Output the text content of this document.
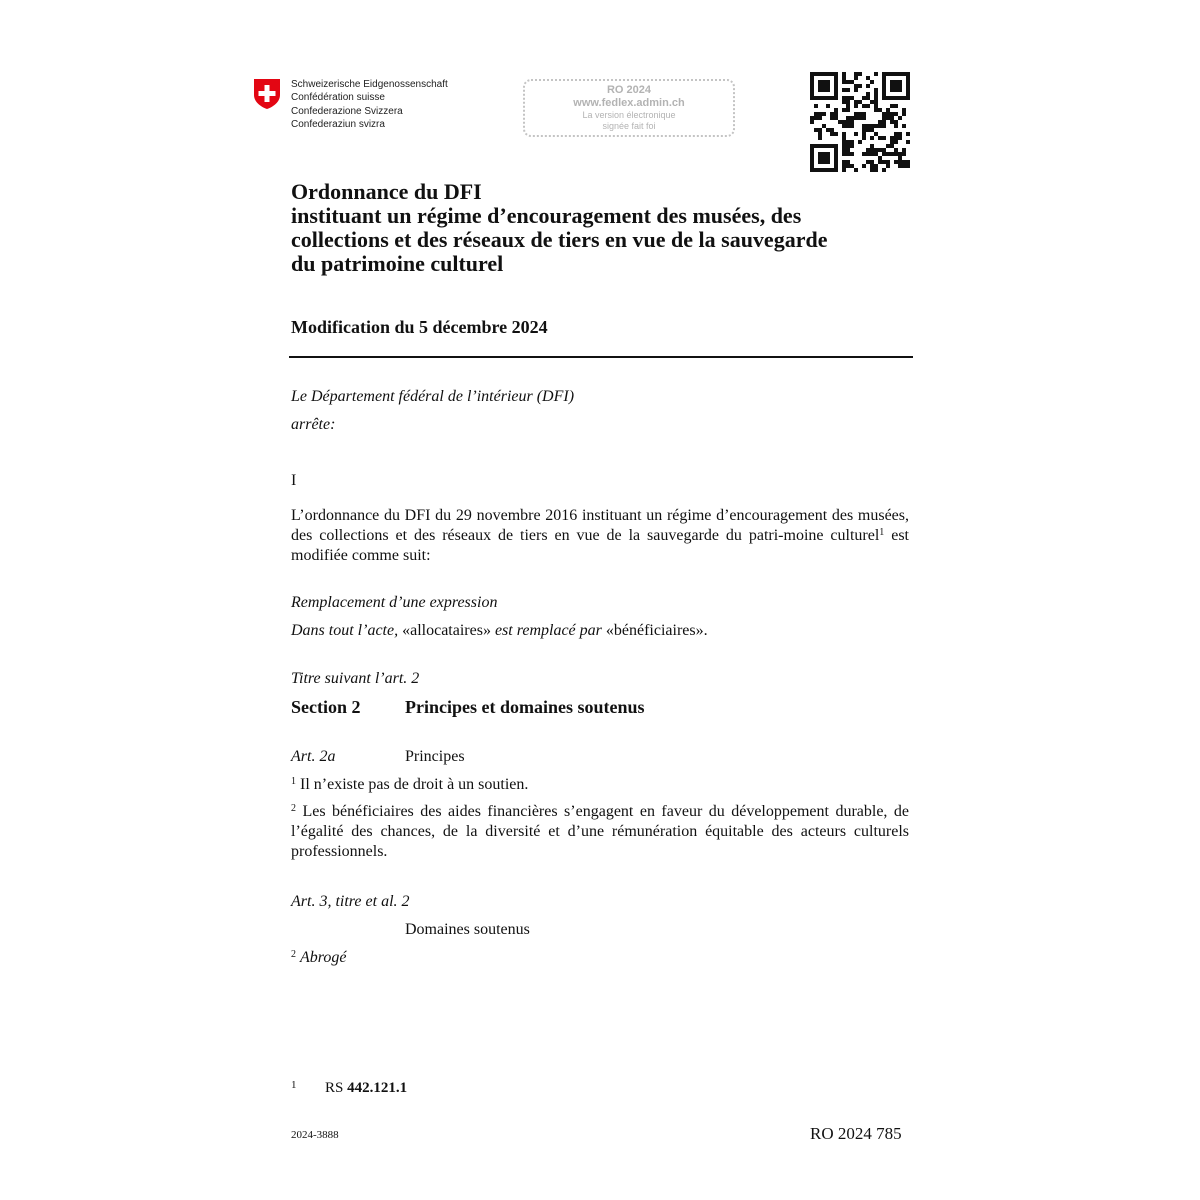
Schweizerische Eidgenossenschaft
Confédération suisse
Confederazione Svizzera
Confederaziun svizra
RO 2024
www.fedlex.admin.ch
La version électronique
signée fait foi
Ordonnance du DFI
instituant un régime d’encouragement des musées, des
collections et des réseaux de tiers en vue de la sauvegarde
du patrimoine culturel
Modification du 5 décembre 2024
Le Département fédéral de l’intérieur (DFI)
arrête:
I
L’ordonnance du DFI du 29 novembre 2016 instituant un régime d’encouragement des musées, des collections et des réseaux de tiers en vue de la sauvegarde du patri-moine culturel$^1$ est modifiée comme suit:
Remplacement d’une expression
Dans tout l’acte, «allocataires» est remplacé par «bénéficiaires».
Titre suivant l’art. 2
Section 2 Principes et domaines soutenus
Art. 2a	Principes
$^1$ Il n’existe pas de droit à un soutien.
$^2$ Les bénéficiaires des aides financières s’engagent en faveur du développement durable, de l’égalité des chances, de la diversité et d’une rémunération équitable des acteurs culturels professionnels.
Art. 3, titre et al. 2
Domaines soutenus
$^2$ Abrogé
1 RS 442.121.1
2024-3888	RO 2024 785
